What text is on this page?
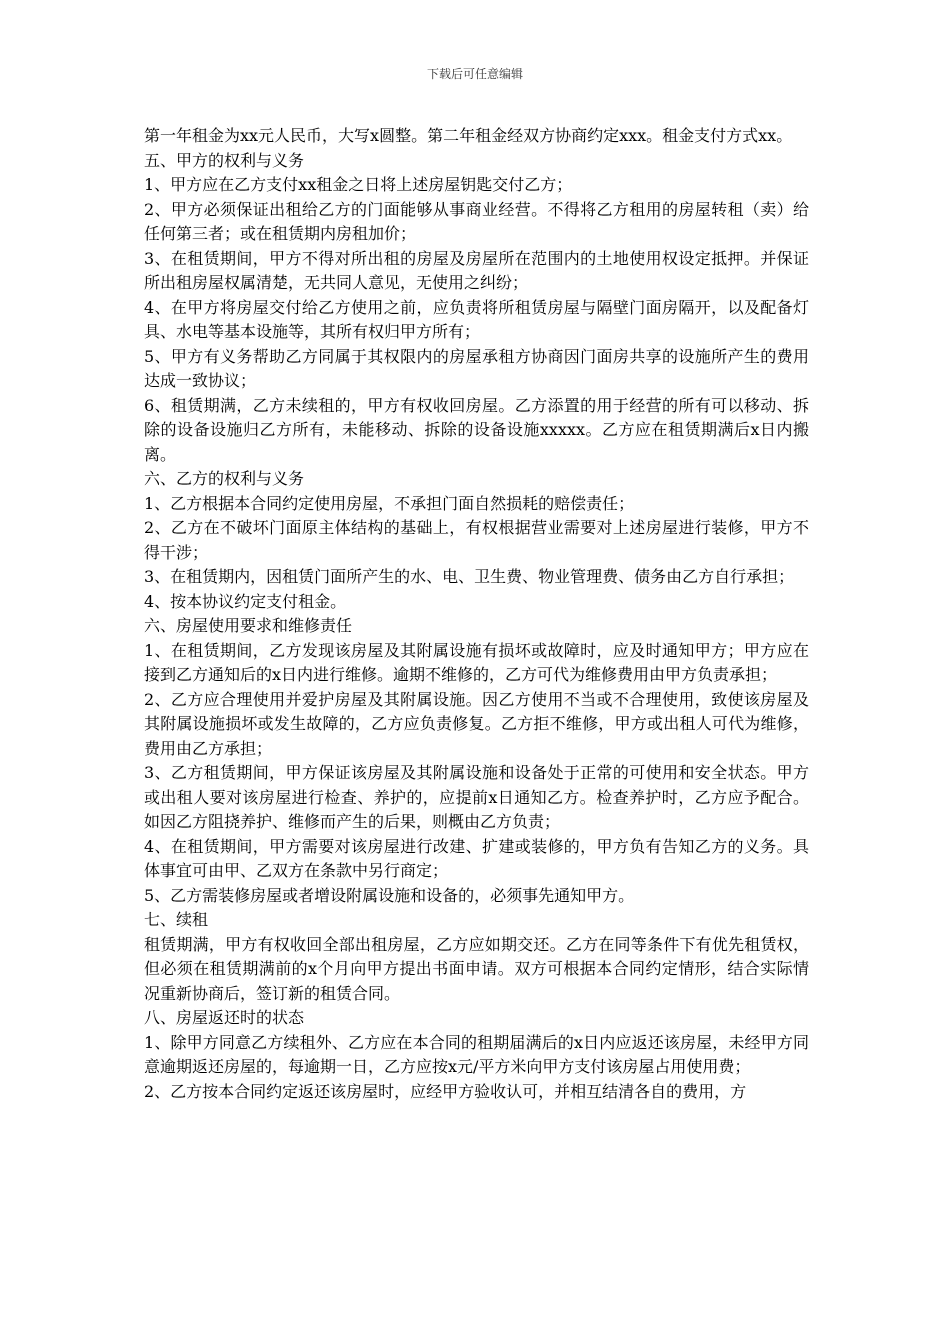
下载后可任意编辑

第一年租金为xx元人民币，大写x圆整。第二年租金经双方协商约定xxx。租金支付方式xx。

五、甲方的权利与义务

1、甲方应在乙方支付xx租金之日将上述房屋钥匙交付乙方；

2、甲方必须保证出租给乙方的门面能够从事商业经营。不得将乙方租用的房屋转租（卖）给任何第三者；或在租赁期内房租加价；

3、在租赁期间，甲方不得对所出租的房屋及房屋所在范围内的土地使用权设定抵押。并保证所出租房屋权属清楚，无共同人意见，无使用之纠纷；

4、在甲方将房屋交付给乙方使用之前，应负责将所租赁房屋与隔壁门面房隔开，以及配备灯具、水电等基本设施等，其所有权归甲方所有；

5、甲方有义务帮助乙方同属于其权限内的房屋承租方协商因门面房共享的设施所产生的费用达成一致协议；

6、租赁期满，乙方未续租的，甲方有权收回房屋。乙方添置的用于经营的所有可以移动、拆除的设备设施归乙方所有，未能移动、拆除的设备设施xxxxx。乙方应在租赁期满后x日内搬离。

六、乙方的权利与义务

1、乙方根据本合同约定使用房屋，不承担门面自然损耗的赔偿责任；

2、乙方在不破坏门面原主体结构的基础上，有权根据营业需要对上述房屋进行装修，甲方不得干涉；

3、在租赁期内，因租赁门面所产生的水、电、卫生费、物业管理费、债务由乙方自行承担；

4、按本协议约定支付租金。

六、房屋使用要求和维修责任

1、在租赁期间，乙方发现该房屋及其附属设施有损坏或故障时，应及时通知甲方；甲方应在接到乙方通知后的x日内进行维修。逾期不维修的，乙方可代为维修费用由甲方负责承担；

2、乙方应合理使用并爱护房屋及其附属设施。因乙方使用不当或不合理使用，致使该房屋及其附属设施损坏或发生故障的，乙方应负责修复。乙方拒不维修，甲方或出租人可代为维修，费用由乙方承担；

3、乙方租赁期间，甲方保证该房屋及其附属设施和设备处于正常的可使用和安全状态。甲方或出租人要对该房屋进行检查、养护的，应提前x日通知乙方。检查养护时，乙方应予配合。如因乙方阻挠养护、维修而产生的后果，则概由乙方负责；

4、在租赁期间，甲方需要对该房屋进行改建、扩建或装修的，甲方负有告知乙方的义务。具体事宜可由甲、乙双方在条款中另行商定；

5、乙方需装修房屋或者增设附属设施和设备的，必须事先通知甲方。

七、续租

租赁期满，甲方有权收回全部出租房屋，乙方应如期交还。乙方在同等条件下有优先租赁权，但必须在租赁期满前的x个月向甲方提出书面申请。双方可根据本合同约定情形，结合实际情况重新协商后，签订新的租赁合同。

八、房屋返还时的状态

1、除甲方同意乙方续租外、乙方应在本合同的租期届满后的x日内应返还该房屋，未经甲方同意逾期返还房屋的，每逾期一日，乙方应按x元/平方米向甲方支付该房屋占用使用费；

2、乙方按本合同约定返还该房屋时，应经甲方验收认可，并相互结清各自的费用，方
